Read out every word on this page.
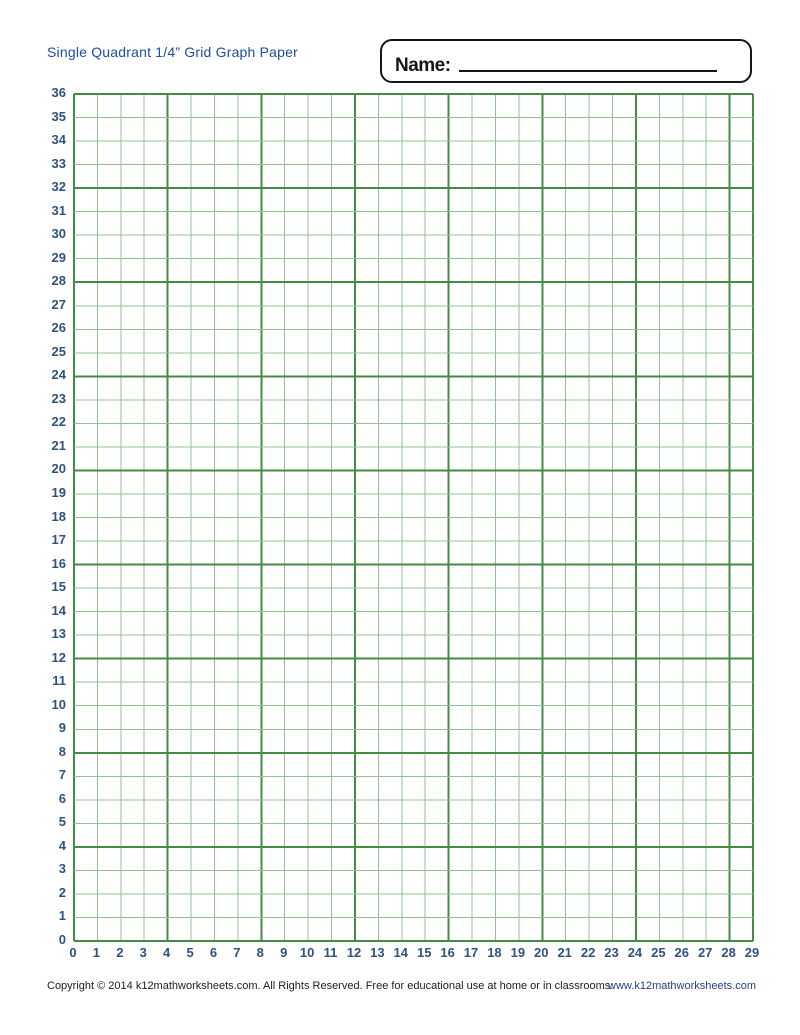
Single Quadrant 1/4” Grid Graph Paper
Name:
36
35
34
33
32
31
30
29
28
27
26
25
24
23
22
21
20
19
18
17
16
15
14
13
12
11
10
9
8
7
6
5
4
3
2
1
0
0	1	2	3	4	5	6	7	8	9 10 11 12 13 14 15 16 17 18 19 20 21 22 23 24 25 26 27 28 29
Copyright © 2014 k12mathworksheets.com. All Rights Reserved. Free for educational use at home or in classrooms.
www.k12mathworksheets.com
